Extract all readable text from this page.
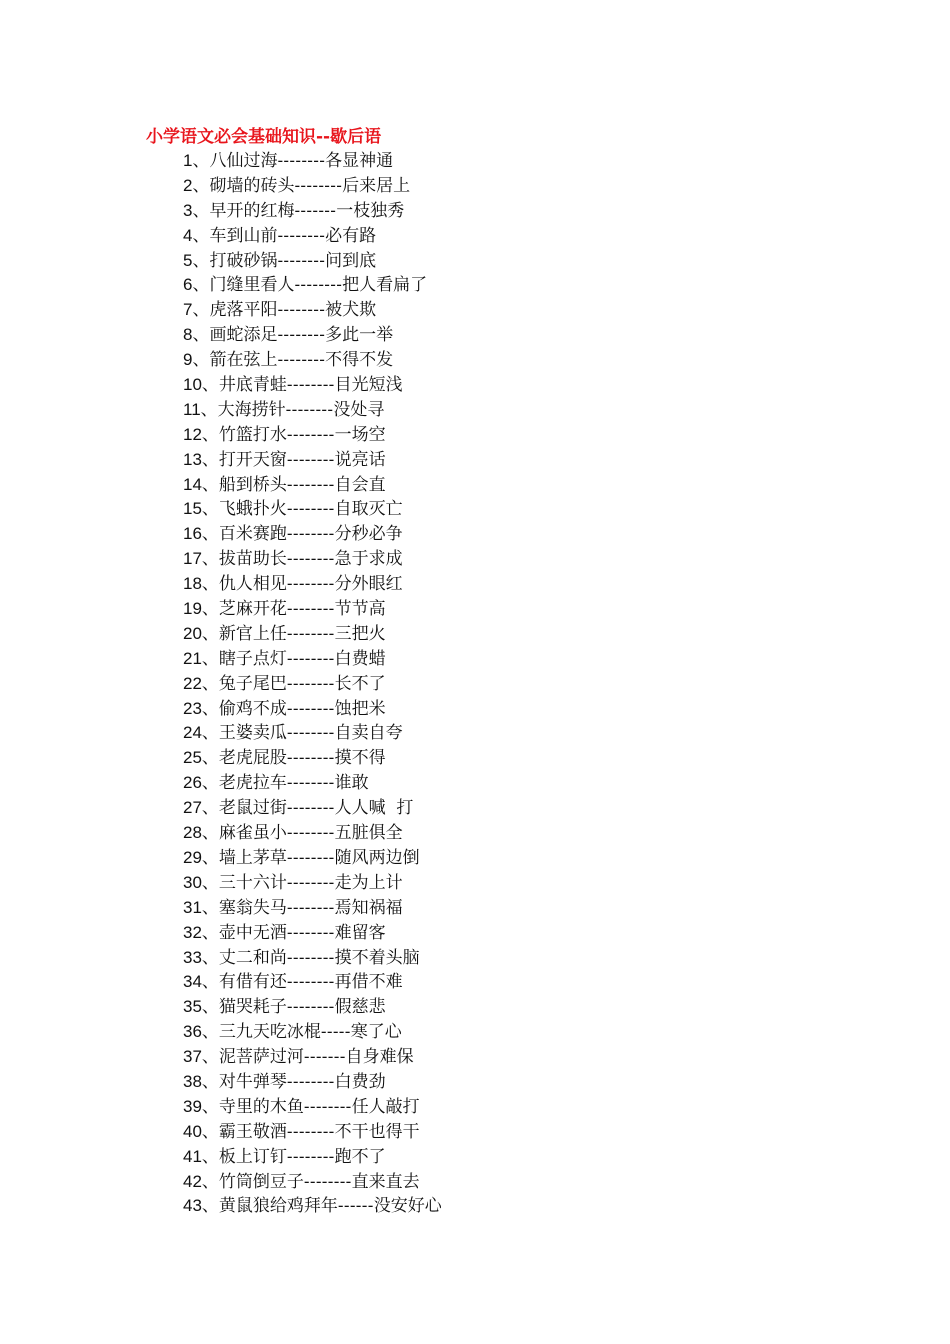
小学语文必会基础知识--歇后语
1、八仙过海--------各显神通
2、砌墙的砖头--------后来居上
3、早开的红梅-------一枝独秀
4、车到山前--------必有路
5、打破砂锅--------问到底
6、门缝里看人--------把人看扁了
7、虎落平阳--------被犬欺
8、画蛇添足--------多此一举
9、箭在弦上--------不得不发
10、井底青蛙--------目光短浅
11、大海捞针--------没处寻
12、竹篮打水--------一场空
13、打开天窗--------说亮话
14、船到桥头--------自会直
15、飞蛾扑火--------自取灭亡
16、百米赛跑--------分秒必争
17、拔苗助长--------急于求成
18、仇人相见--------分外眼红
19、芝麻开花--------节节高
20、新官上任--------三把火
21、瞎子点灯--------白费蜡
22、兔子尾巴--------长不了
23、偷鸡不成--------蚀把米
24、王婆卖瓜--------自卖自夸
25、老虎屁股--------摸不得
26、老虎拉车--------谁敢
27、老鼠过街--------人人喊  打
28、麻雀虽小--------五脏俱全
29、墙上茅草--------随风两边倒
30、三十六计--------走为上计
31、塞翁失马--------焉知祸福
32、壶中无酒--------难留客
33、丈二和尚--------摸不着头脑
34、有借有还--------再借不难
35、猫哭耗子--------假慈悲
36、三九天吃冰棍-----寒了心
37、泥菩萨过河-------自身难保
38、对牛弹琴--------白费劲
39、寺里的木鱼--------任人敲打
40、霸王敬酒--------不干也得干
41、板上订钉--------跑不了
42、竹筒倒豆子--------直来直去
43、黄鼠狼给鸡拜年------没安好心
